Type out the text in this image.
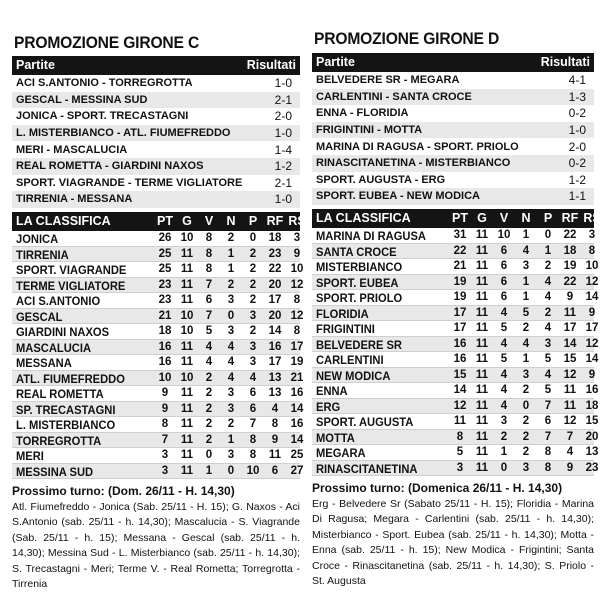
PROMOZIONE GIRONE C
Partite	Risultati
ACI S.ANTONIO - TORREGROTTA	1-0
GESCAL - MESSINA SUD	2-1
JONICA - SPORT. TRECASTAGNI	2-0
L. MISTERBIANCO - ATL. FIUMEFREDDO	1-0
MERI - MASCALUCIA	1-4
REAL ROMETTA - GIARDINI NAXOS	1-2
SPORT. VIAGRANDE - TERME VIGLIATORE	2-1
TIRRENIA - MESSANA	1-0
LA CLASSIFICA	PT G	V	N	P RF RS
JONICA	26 10	8	2	0	18	3
TIRRENIA	25 11	8	1	2	23	9
SPORT. VIAGRANDE	25 11	8	1	2	22 10
TERME VIGLIATORE	23 11	7	2	2	20 12
ACI S.ANTONIO	23 11	6	3	2	17	8
GESCAL	21 10	7	0	3	20 12
GIARDINI NAXOS	18 10	5	3	2	14	8
MASCALUCIA	16 11	4	4	3	16 17
MESSANA	16 11	4	4	3	17 19
ATL. FIUMEFREDDO	10 10	2	4	4	13 21
REAL ROMETTA	9	11	2	3	6	13 16
SP. TRECASTAGNI	9	11	2	3	6	4	14
L. MISTERBIANCO	8	11	2	2	7	8	16
TORREGROTTA	7	11	2	1	8	9	14
MERI	3	11	0	3	8	11 25
MESSINA SUD	3	11	1	0	10	6	27
Prossimo turno: (Dom. 26/11 - H. 14,30)
Atl. Fiumefreddo - Jonica (Sab. 25/11 - H. 15); G. Naxos - Aci S.Antonio (sab. 25/11 - h. 14,30); Mascalucia - S. Viagrande (Sab. 25/11 - h. 15); Messana - Gescal (sab. 25/11 - h. 14,30); Messina Sud - L. Misterbianco (sab. 25/11 - h. 14,30); S. Trecastagni - Meri; Terme V. - Real Rometta; Torregrotta - Tirrenia
PROMOZIONE GIRONE D
Partite	Risultati
BELVEDERE SR - MEGARA	4-1
CARLENTINI - SANTA CROCE	1-3
ENNA - FLORIDIA	0-2
FRIGINTINI - MOTTA	1-0
MARINA DI RAGUSA - SPORT. PRIOLO	2-0
RINASCITANETINA - MISTERBIANCO	0-2
SPORT. AUGUSTA - ERG	1-2
SPORT. EUBEA - NEW MODICA	1-1
LA CLASSIFICA	PT G	V	N	P RF RS
MARINA DI RAGUSA	31 11 10	1	0	22	3
SANTA CROCE	22 11	6	4	1	18	8
MISTERBIANCO	21 11	6	3	2	19 10
SPORT. EUBEA	19 11	6	1	4	22 12
SPORT. PRIOLO	19 11	6	1	4	9	14
FLORIDIA	17 11	4	5	2	11	9
FRIGINTINI	17 11	5	2	4	17 17
BELVEDERE SR	16 11	4	4	3	14 12
CARLENTINI	16 11	5	1	5	15 14
NEW MODICA	15 11	4	3	4	12	9
ENNA	14 11	4	2	5	11 16
ERG	12 11	4	0	7	11 18
SPORT. AUGUSTA	11 11	3	2	6	12 15
MOTTA	8	11	2	2	7	7	20
MEGARA	5	11	1	2	8	4	13
RINASCITANETINA	3	11	0	3	8	9	23
Prossimo turno: (Domenica 26/11 - H. 14,30)
Erg - Belvedere Sr (Sabato 25/11 - H. 15); Floridia - Marina Di Ragusa; Megara - Carlentini (sab. 25/11 - h. 14,30); Misterbianco - Sport. Eubea (sab. 25/11 - h. 14,30); Motta - Enna (sab. 25/11 - h. 15); New Modica - Frigintini; Santa Croce - Rinascitanetina (sab. 25/11 - h. 14,30); S. Priolo - St. Augusta
